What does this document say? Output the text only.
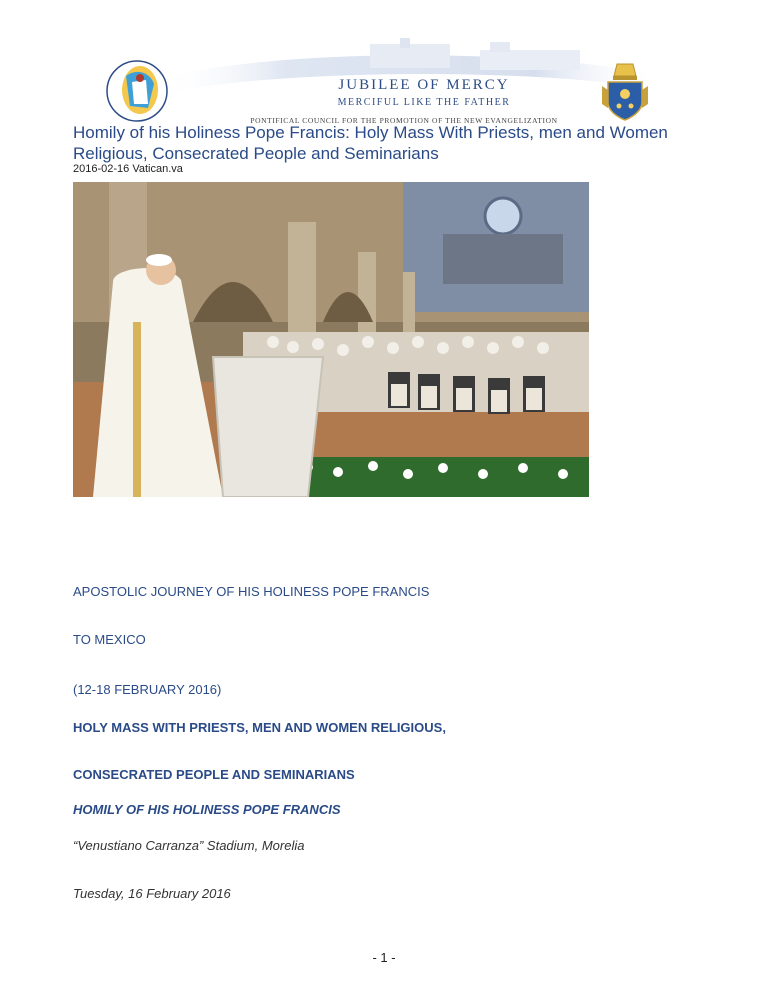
JUBILEE OF MERCY
MERCIFUL LIKE THE FATHER
PONTIFICAL COUNCIL FOR THE PROMOTION OF THE NEW EVANGELIZATION
Homily of his Holiness Pope Francis: Holy Mass With Priests, men and Women Religious, Consecrated People and Seminarians
2016-02-16 Vatican.va
APOSTOLIC JOURNEY OF HIS HOLINESS POPE FRANCIS
TO MEXICO
(12-18 FEBRUARY 2016)
HOLY MASS WITH PRIESTS, MEN AND WOMEN RELIGIOUS,
CONSECRATED PEOPLE AND SEMINARIANS
HOMILY OF HIS HOLINESS POPE FRANCIS
“Venustiano Carranza” Stadium, Morelia
Tuesday, 16 February 2016
- 1 -
